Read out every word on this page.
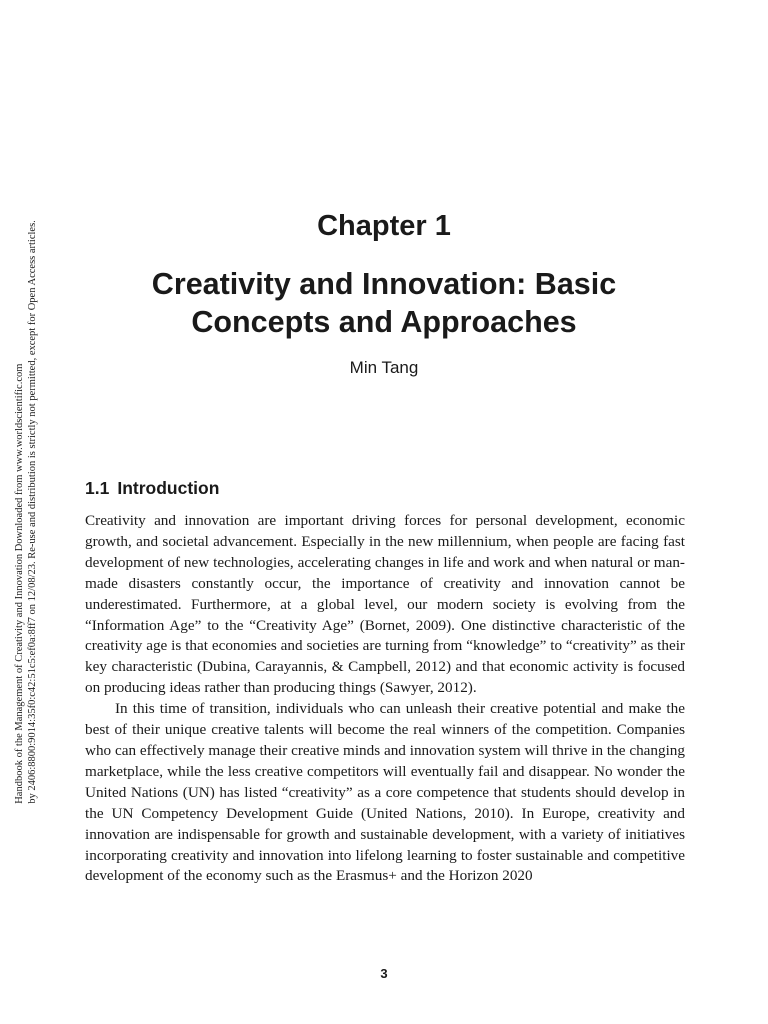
Handbook of the Management of Creativity and Innovation Downloaded from www.worldscientific.com by 2406:8800:9014:35f0:c42:51c5:ef0a:8ff7 on 12/08/23. Re-use and distribution is strictly not permitted, except for Open Access articles.	Chapter 1
Creativity and Innovation: Basic
Concepts and Approaches
Min Tang
1.1 Introduction

Creativity and innovation are important driving forces for personal development, economic growth, and societal advancement. Especially in the new millennium, when people are facing fast development of new technologies, accelerating changes in life and work and when natural or man-made disasters constantly occur, the importance of creativity and innovation cannot be underestimated. Furthermore, at a global level, our modern society is evolving from the “Information Age” to the “Creativity Age” (Bornet, 2009). One distinctive characteristic of the creativity age is that economies and societies are turning from “knowledge” to “creativity” as their key characteristic (Dubina, Carayannis, & Campbell, 2012) and that economic activity is focused on producing ideas rather than producing things (Sawyer, 2012).

In this time of transition, individuals who can unleash their creative potential and make the best of their unique creative talents will become the real winners of the competition. Companies who can effectively manage their creative minds and innovation system will thrive in the changing marketplace, while the less creative competitors will eventually fail and disappear. No wonder the United Nations (UN) has listed “creativity” as a core competence that students should develop in the UN Competency Development Guide (United Nations, 2010). In Europe, creativity and innovation are indispensable for growth and sustainable development, with a variety of initiatives incorporating creativity and innovation into lifelong learning to foster sustainable and competitive development of the economy such as the Erasmus+ and the Horizon 2020

3
